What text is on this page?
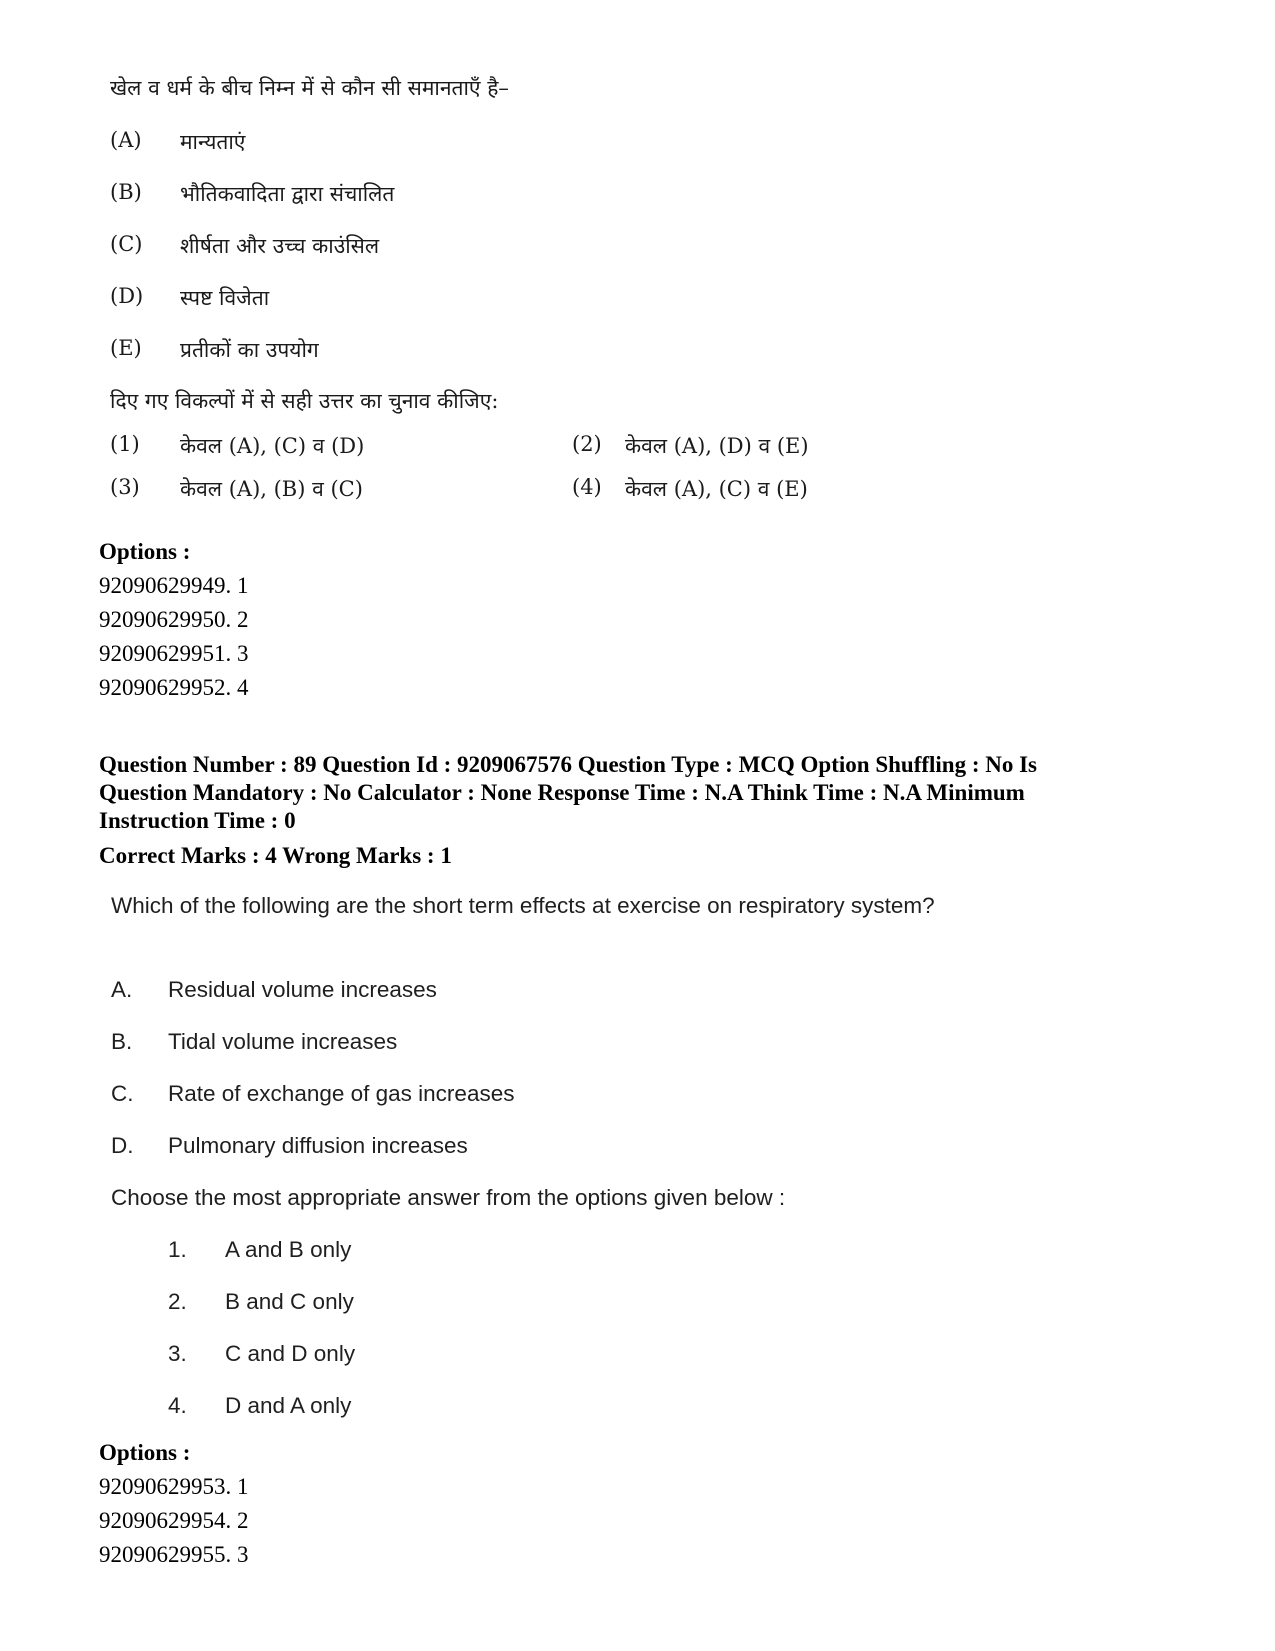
खेल व धर्म के बीच निम्न में से कौन सी समानताएँ है–
(A) मान्यताएं
(B) भौतिकवादिता द्वारा संचालित
(C) शीर्षता और उच्च काउंसिल
(D) स्पष्ट विजेता
(E) प्रतीकों का उपयोग
दिए गए विकल्पों में से सही उत्तर का चुनाव कीजिए:
(1) केवल (A), (C) व (D)	(2) केवल (A), (D) व (E)
(3) केवल (A), (B) व (C)	(4) केवल (A), (C) व (E)
Options :
92090629949. 1
92090629950. 2
92090629951. 3
92090629952. 4
Question Number : 89 Question Id : 9209067576 Question Type : MCQ Option Shuffling : No Is
Question Mandatory : No Calculator : None Response Time : N.A Think Time : N.A Minimum
Instruction Time : 0
Correct Marks : 4 Wrong Marks : 1
Which of the following are the short term effects at exercise on respiratory system?
A. Residual volume increases
B. Tidal volume increases
C. Rate of exchange of gas increases
D. Pulmonary diffusion increases
Choose the most appropriate answer from the options given below :
1. A and B only
2. B and C only
3. C and D only
4. D and A only
Options :
92090629953. 1
92090629954. 2
92090629955. 3
